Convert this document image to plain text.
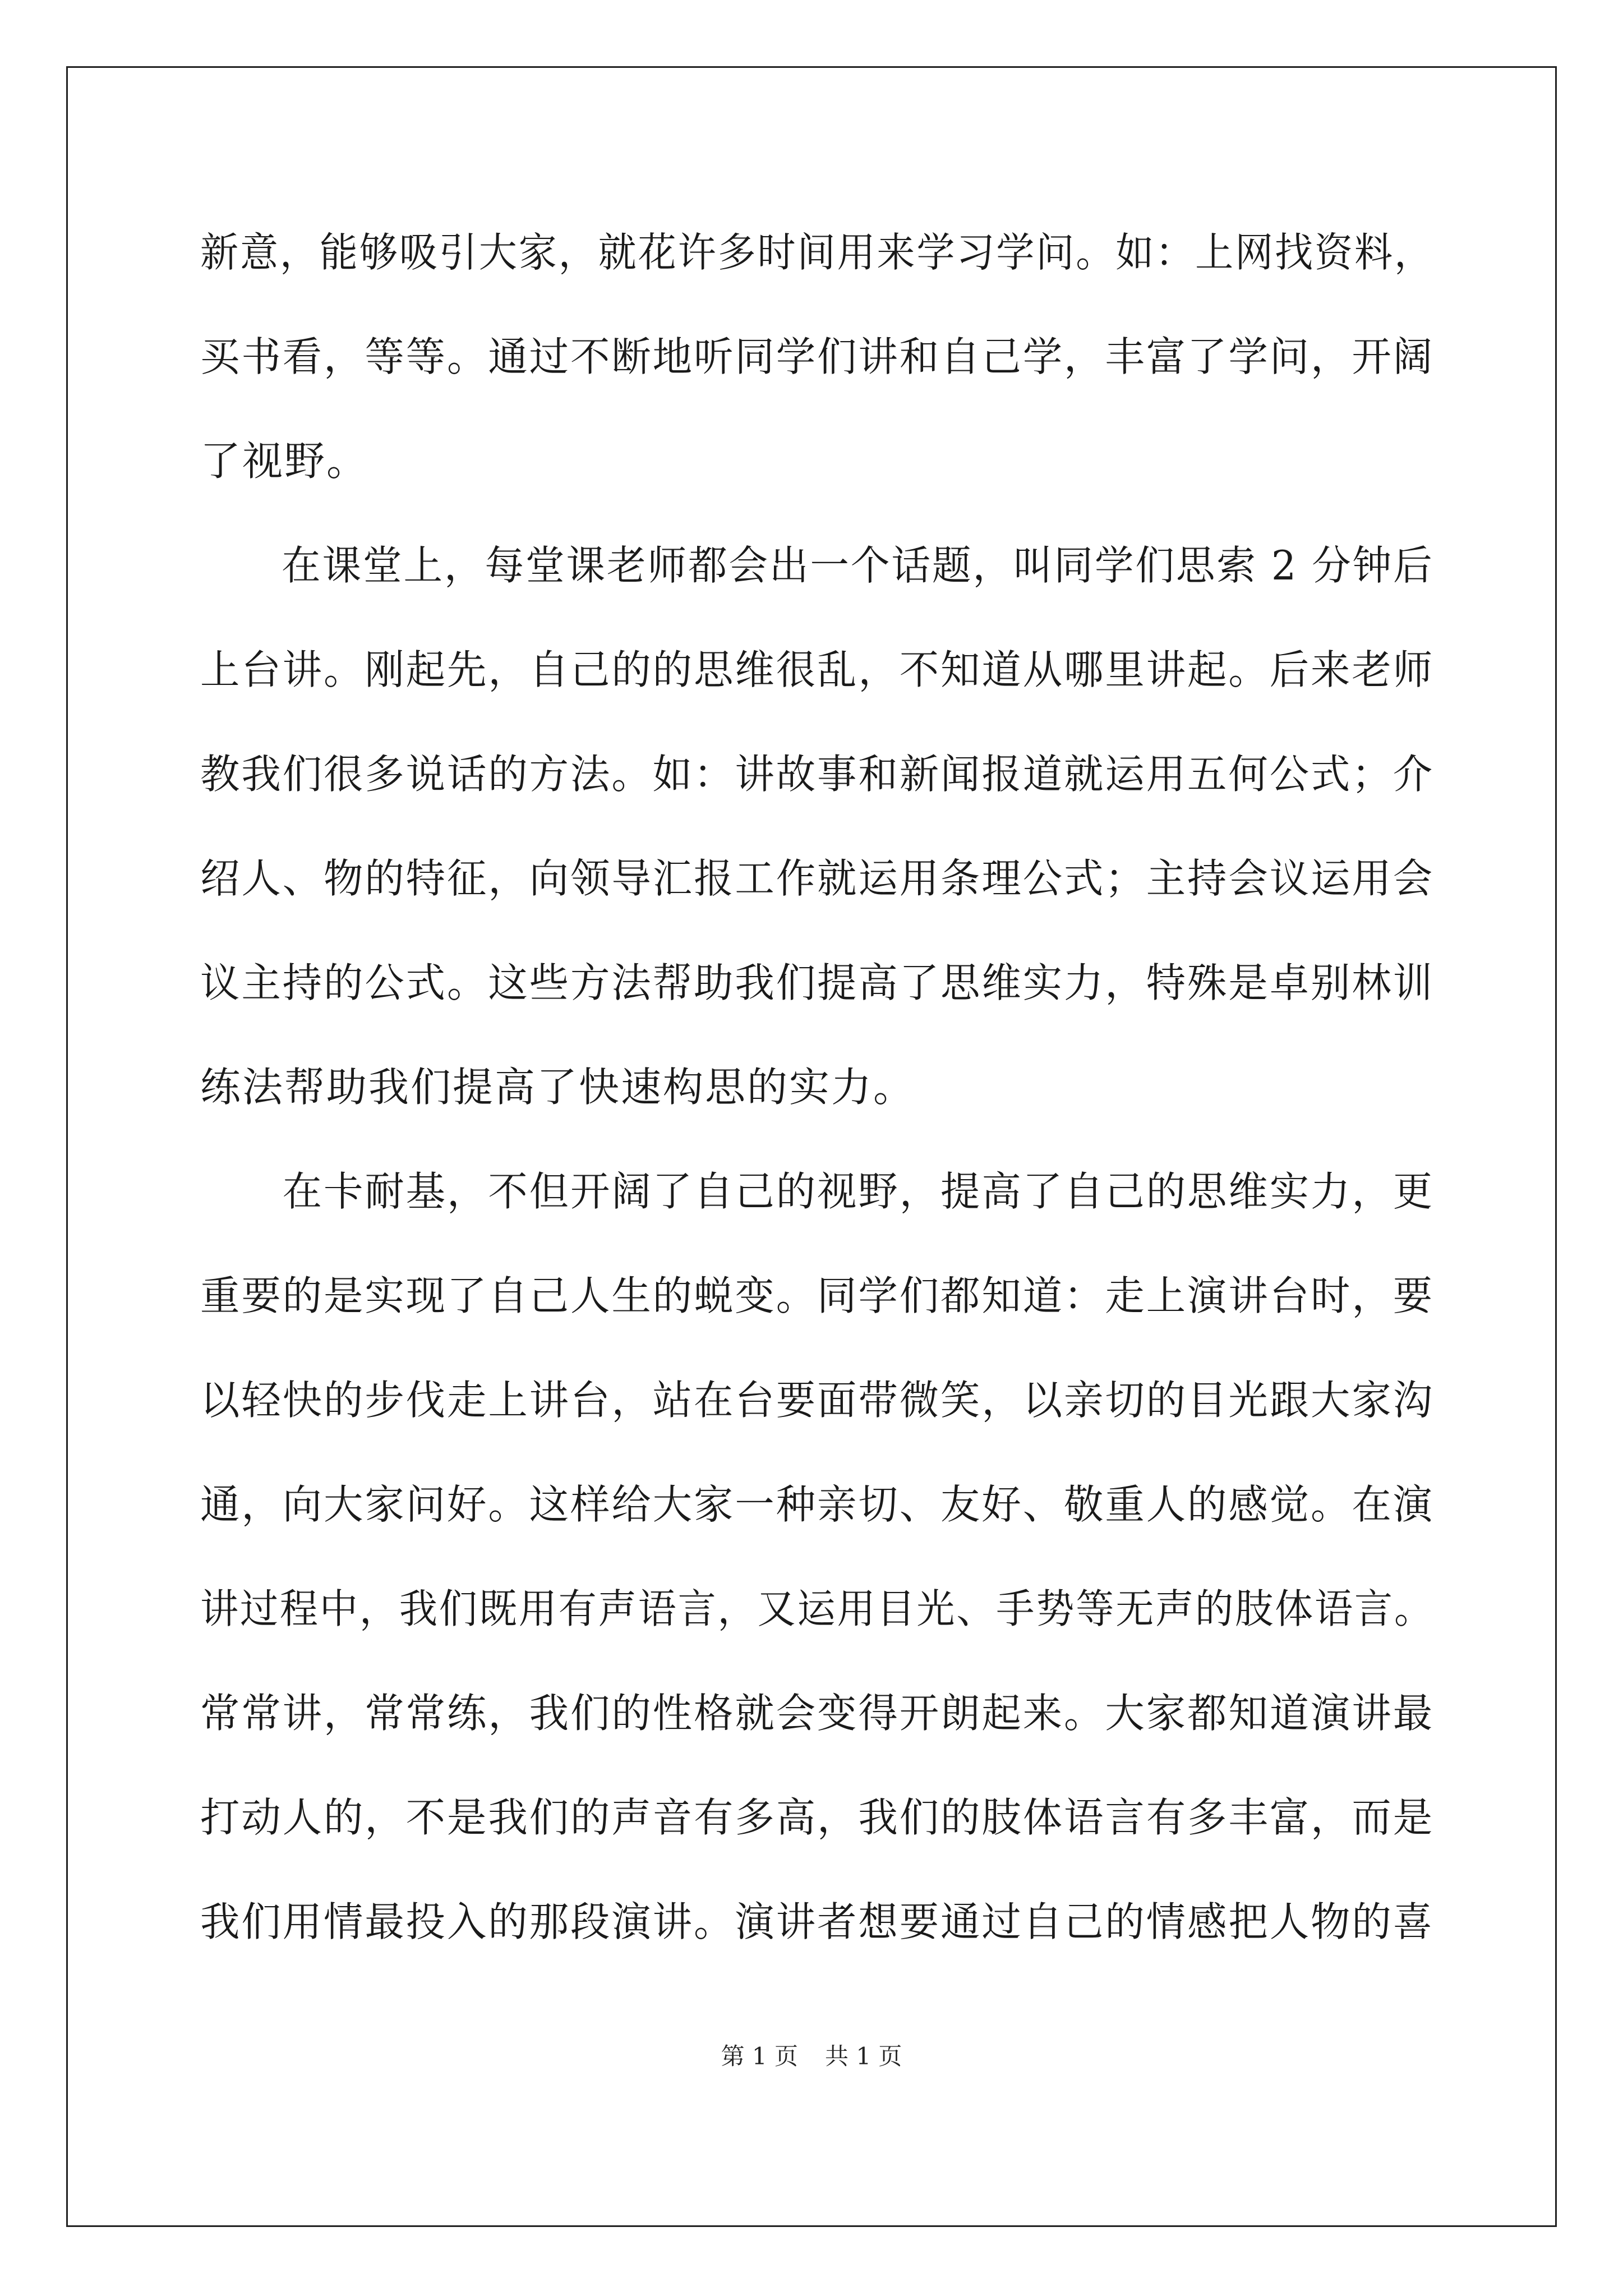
新意，能够吸引大家，就花许多时间用来学习学问。如：上网找资料，
买书看，等等。通过不断地听同学们讲和自己学，丰富了学问，开阔
了视野。
　　在课堂上，每堂课老师都会出一个话题，叫同学们思索 2 分钟后
上台讲。刚起先，自己的的思维很乱，不知道从哪里讲起。后来老师
教我们很多说话的方法。如：讲故事和新闻报道就运用五何公式；介
绍人、物的特征，向领导汇报工作就运用条理公式；主持会议运用会
议主持的公式。这些方法帮助我们提高了思维实力，特殊是卓别林训
练法帮助我们提高了快速构思的实力。
　　在卡耐基，不但开阔了自己的视野，提高了自己的思维实力，更
重要的是实现了自己人生的蜕变。同学们都知道：走上演讲台时，要
以轻快的步伐走上讲台，站在台要面带微笑，以亲切的目光跟大家沟
通，向大家问好。这样给大家一种亲切、友好、敬重人的感觉。在演
讲过程中，我们既用有声语言，又运用目光、手势等无声的肢体语言。
常常讲，常常练，我们的性格就会变得开朗起来。大家都知道演讲最
打动人的，不是我们的声音有多高，我们的肢体语言有多丰富，而是
我们用情最投入的那段演讲。演讲者想要通过自己的情感把人物的喜
第 1 页 共 1 页
